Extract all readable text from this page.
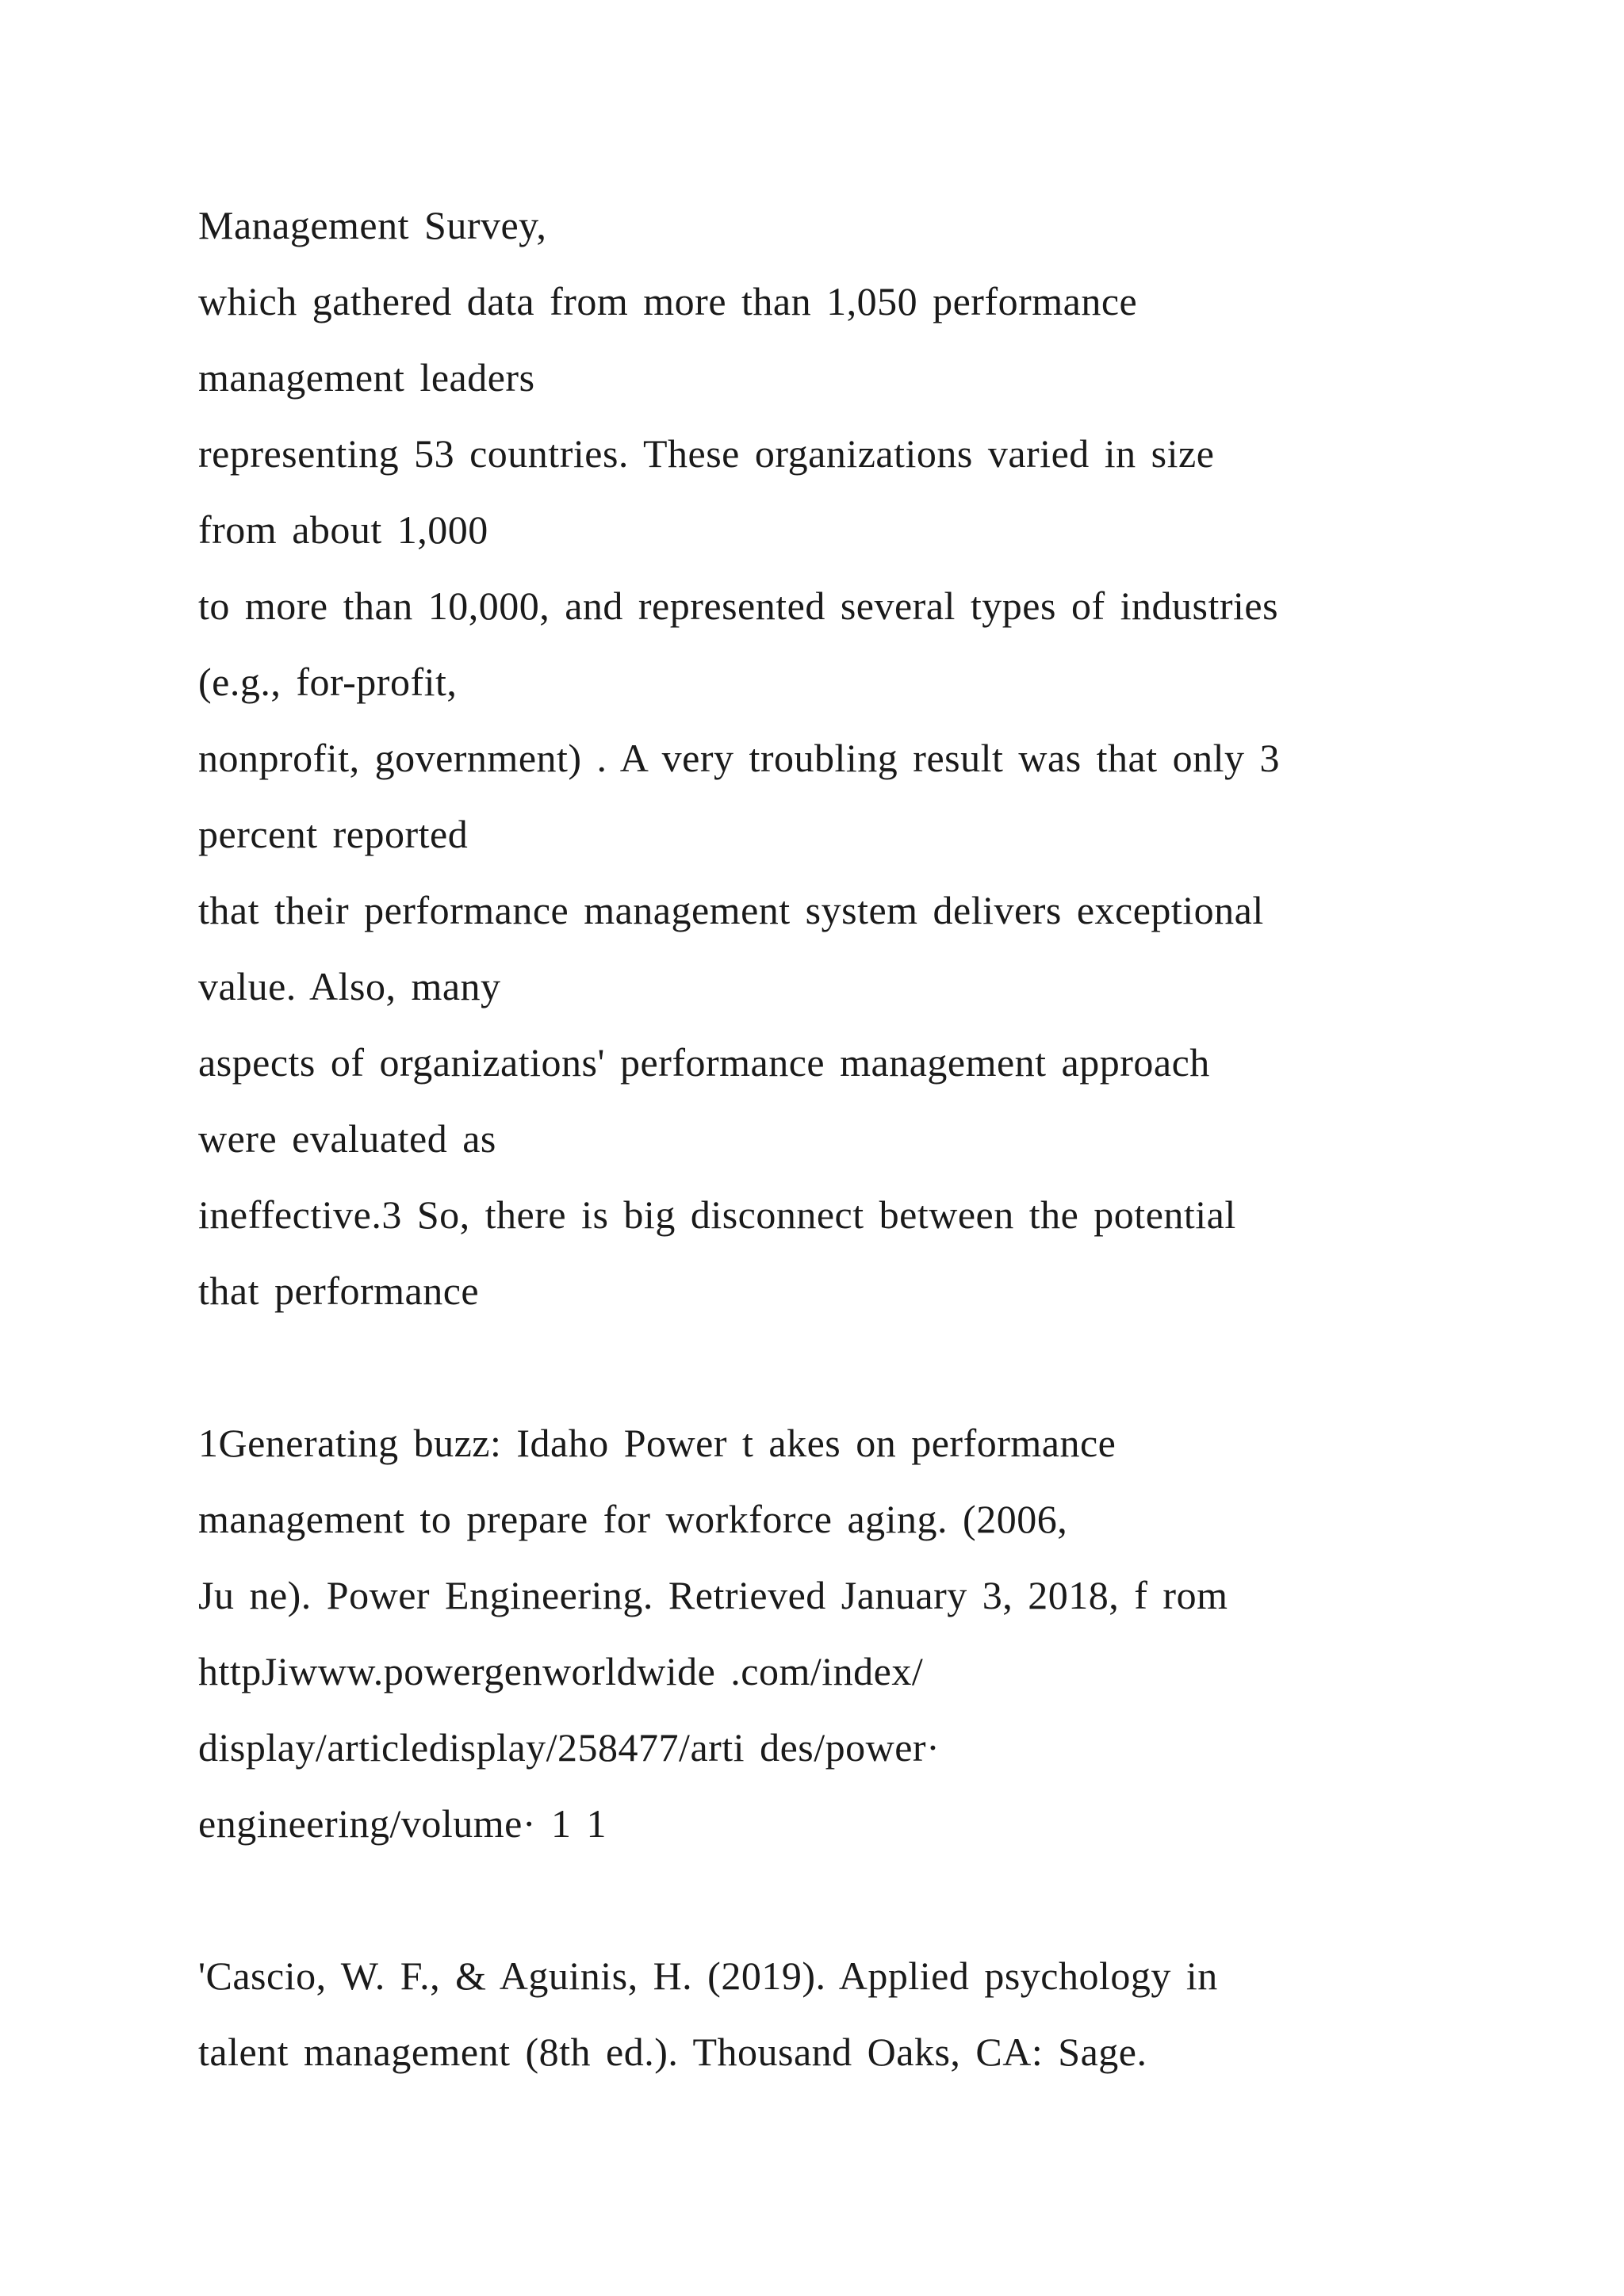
Management Survey,
which gathered data from more than 1,050 performance
management leaders
representing 53 countries. These organizations varied in size
from about 1,000
to more than 10,000, and represented several types of industries
(e.g., for-profit,
nonprofit, government) . A very troubling result was that only 3
percent reported
that their performance management system delivers exceptional
value. Also, many
aspects of organizations' performance management approach
were evaluated as
ineffective.3 So, there is big disconnect between the potential
that performance
1Generating buzz: Idaho Power t akes on performance
management to prepare for workforce aging. (2006,
Ju ne). Power Engineering. Retrieved January 3, 2018, f rom
httpJiwww.powergenworldwide .com/index/
display/articledisplay/258477/arti des/power·
engineering/volume· 1 1
'Cascio, W. F., & Aguinis, H. (2019). Applied psychology in
talent management (8th ed.). Thousand Oaks, CA: Sage.
